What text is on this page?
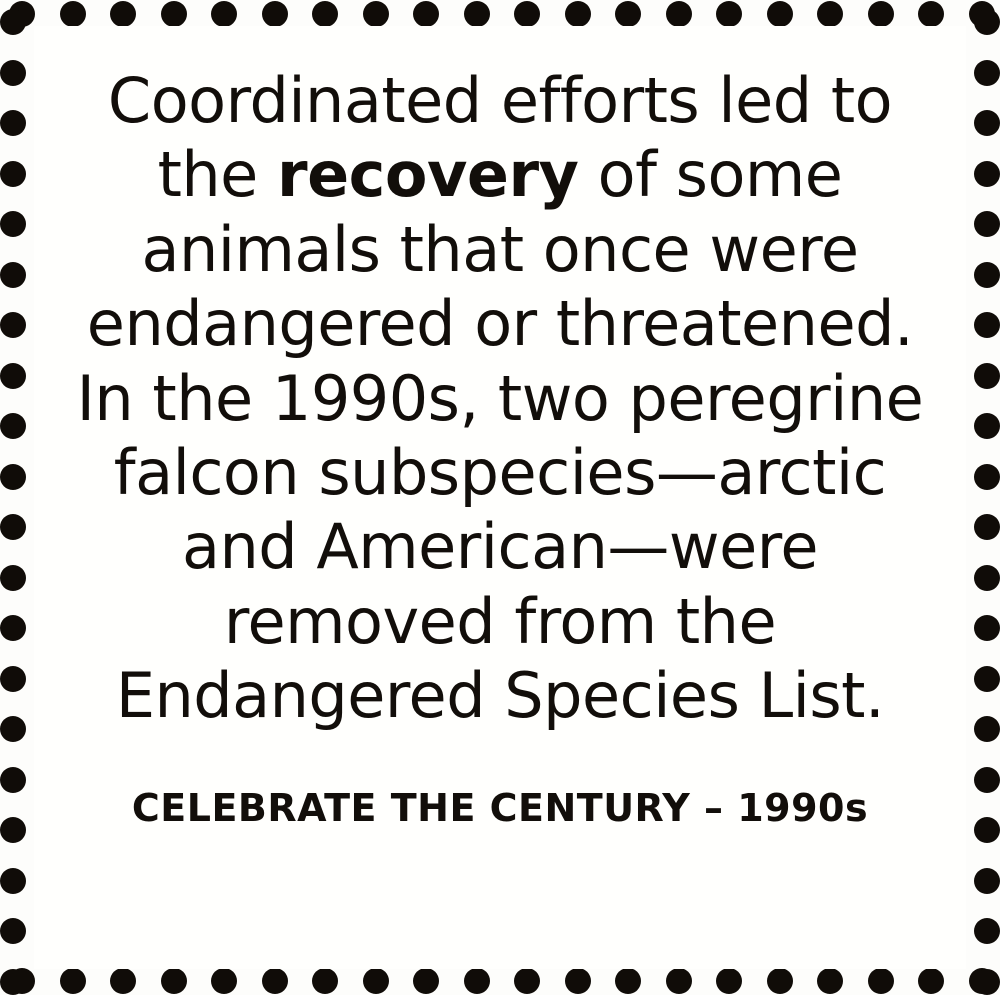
Coordinated efforts led to
the recovery of some
animals that once were
endangered or threatened.
In the 1990s, two peregrine
falcon subspecies—arctic
and American—were
removed from the
Endangered Species List.
CELEBRATE THE CENTURY – 1990s
